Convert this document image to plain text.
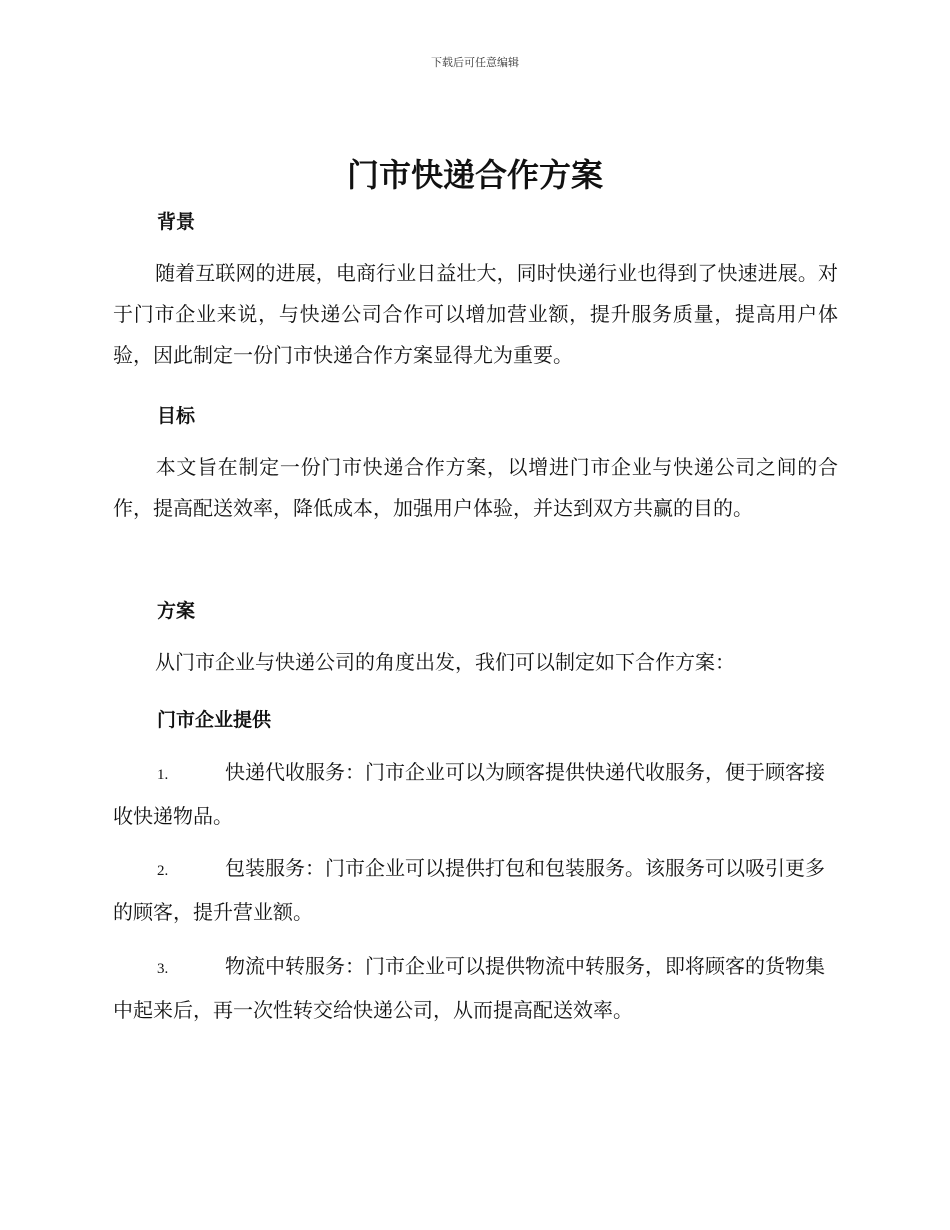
下载后可任意编辑
门市快递合作方案
背景
随着互联网的进展，电商行业日益壮大，同时快递行业也得到了快速进展。对于门市企业来说，与快递公司合作可以增加营业额，提升服务质量，提高用户体验，因此制定一份门市快递合作方案显得尤为重要。
目标
本文旨在制定一份门市快递合作方案，以增进门市企业与快递公司之间的合作，提高配送效率，降低成本，加强用户体验，并达到双方共赢的目的。
方案
从门市企业与快递公司的角度出发，我们可以制定如下合作方案：
门市企业提供
1.	快递代收服务：门市企业可以为顾客提供快递代收服务，便于顾客接收快递物品。
2.	包装服务：门市企业可以提供打包和包装服务。该服务可以吸引更多的顾客，提升营业额。
3.	物流中转服务：门市企业可以提供物流中转服务，即将顾客的货物集中起来后，再一次性转交给快递公司，从而提高配送效率。
